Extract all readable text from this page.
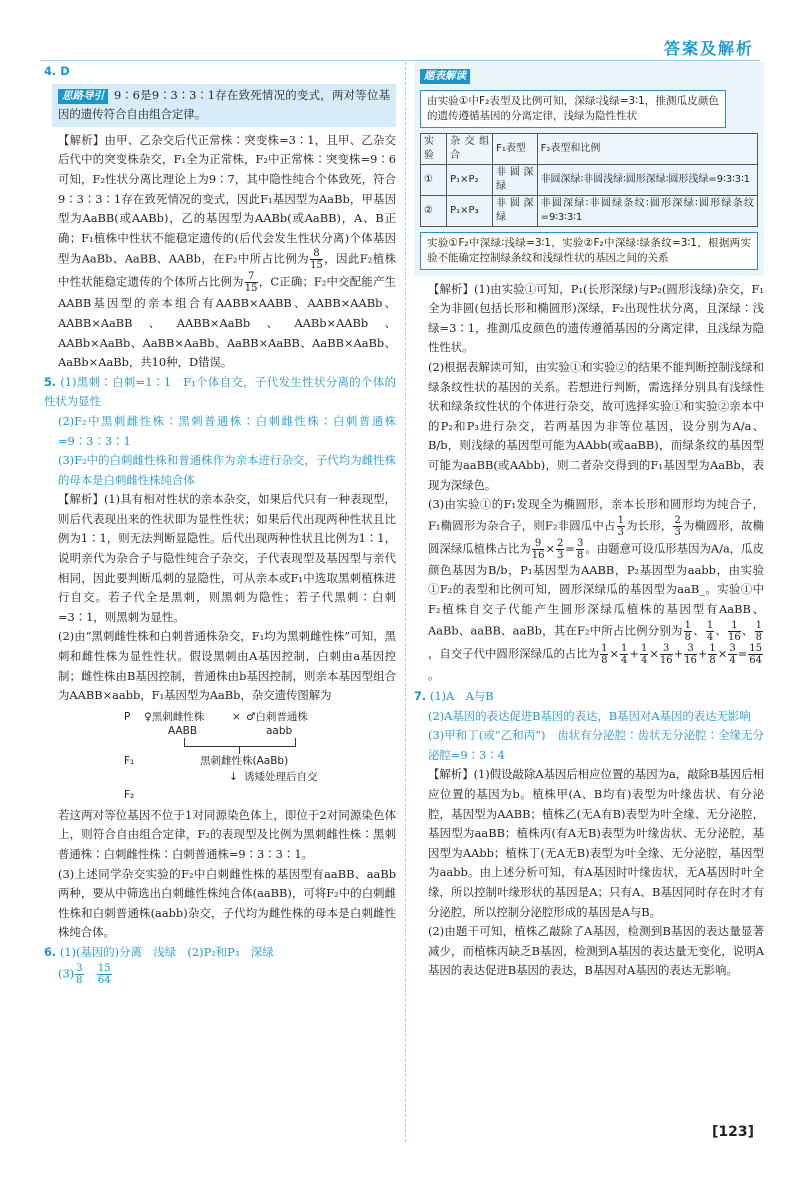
答案及解析

4. D

思路导引 9∶6是9∶3∶3∶1存在致死情况的变式，两对等位基因的遗传符合自由组合定律。

【解析】由甲、乙杂交后代正常株∶突变株=3∶1，且甲、乙杂交后代中的突变株杂交，F₁全为正常株，F₂中正常株∶突变株=9∶6可知，F₂性状分离比理论上为9∶7，其中隐性纯合个体致死，符合9∶3∶3∶1存在致死情况的变式，因此F₁基因型为AaBb，甲基因型为AaBB(或AABb)，乙的基因型为AABb(或AaBB)，A、B正确；F₁植株中性状不能稳定遗传的(后代会发生性状分离)个体基因型为AaBb、AaBB、AABb，在F₂中所占比例为 $\frac{8}{15}$ ，因此F₂植株中性状能稳定遗传的个体所占比例为 $\frac{7}{15}$ ，C正确；F₂中交配能产生AABB基因型的亲本组合有AABB×AABB、AABB×AABb、AABB×AaBB、AABB×AaBb、AABb×AABb、AABb×AaBb、AaBB×AaBb、AaBB×AaBB、AaBB×AaBb、AaBb×AaBb，共10种，D错误。

5. (1)黑刺∶白刺=1∶1　F₁个体自交，子代发生性状分离的个体的性状为显性

(2)F₂中黑刺雌性株∶黑刺普通株∶白刺雌性株∶白刺普通株=9∶3∶3∶1

(3)F₂中的白刺雌性株和普通株作为亲本进行杂交，子代均为雌性株的母本是白刺雌性株纯合体

【解析】(1)具有相对性状的亲本杂交，如果后代只有一种表现型，则后代表现出来的性状即为显性性状；如果后代出现两种性状且比例为1∶1，则无法判断显隐性。后代出现两种性状且比例为1∶1，说明亲代为杂合子与隐性纯合子杂交，子代表现型及基因型与亲代相同，因此要判断瓜刺的显隐性，可从亲本或F₁中选取黑刺植株进行自交。若子代全是黑刺，则黑刺为隐性；若子代黑刺∶白刺=3∶1，则黑刺为显性。

(2)由“黑刺雌性株和白刺普通株杂交，F₁均为黑刺雌性株”可知，黑刺和雌性株为显性性状。假设黑刺由A基因控制，白刺由a基因控制；雌性株由B基因控制，普通株由b基因控制，则亲本基因型组合为AABB×aabb，F₁基因型为AaBb，杂交遗传图解为

P ♀黑刺雌性株	× ♂白刺普通株
AABB	aabb
F₁	黑刺雌性株(AaBb)
↓ 诱矮处理后自交
F₂

若这两对等位基因不位于1对同源染色体上，即位于2对同源染色体上，则符合自由组合定律，F₂的表现型及比例为黑刺雌性株∶黑刺普通株∶白刺雌性株∶白刺普通株=9∶3∶3∶1。

(3)上述同学杂交实验的F₂中白刺雌性株的基因型有aaBB、aaBb两种，要从中筛选出白刺雌性株纯合体(aaBB)，可将F₂中的白刺雌性株和白刺普通株(aabb)杂交，子代均为雌性株的母本是白刺雌性株纯合体。

6. (1)(基因的)分离　浅绿　(2)P₂和P₃　深绿

$(3) \frac{3}{8}$
　 $\frac{15}{64}$

题表解读
由实验①中F₂表型及比例可知，深绿∶浅绿=3∶1，推测瓜皮颜色的遗传遵循基因的分离定律，浅绿为隐性性状
实验	杂交组合	F₁表型	F₂表型和比例
①	P₁×P₂	非圆深绿	非圆深绿∶非圆浅绿∶圆形深绿∶圆形浅绿=9∶3∶3∶1
②	P₁×P₃	非圆深绿	非圆深绿∶非圆绿条纹∶圆形深绿∶圆形绿条纹=9∶3∶3∶1
实验①F₂中深绿∶浅绿=3∶1，实验②F₂中深绿∶绿条纹=3∶1，根据两实验不能确定控制绿条纹和浅绿性状的基因之间的关系

【解析】(1)由实验①可知，P₁(长形深绿)与P₂(圆形浅绿)杂交，F₁全为非圆(包括长形和椭圆形)深绿，F₂出现性状分离，且深绿∶浅绿=3∶1，推测瓜皮颜色的遗传遵循基因的分离定律，且浅绿为隐性性状。

(2)根据表解读可知，由实验①和实验②的结果不能判断控制浅绿和绿条纹性状的基因的关系。若想进行判断，需选择分别具有浅绿性状和绿条纹性状的个体进行杂交，故可选择实验①和实验②亲本中的P₂和P₃进行杂交，若两基因为非等位基因，设分别为A/a、B/b，则浅绿的基因型可能为AAbb(或aaBB)，而绿条纹的基因型可能为aaBB(或AAbb)，则二者杂交得到的F₁基因型为AaBb，表现为深绿色。

(3)由实验①的F₁发现全为椭圆形，亲本长形和圆形均为纯合子，F₁椭圆形为杂合子，则F₂非圆瓜中占 $\frac{1}{3}$ 为长形， $\frac{2}{3}$ 为椭圆形，故椭圆深绿瓜植株占比为 $\frac{9}{16} \times \frac{2}{3} = \frac{3}{8}$ 。由题意可设瓜形基因为A/a，瓜皮颜色基因为B/b，P₁基因型为AABB，P₂基因型为aabb，由实验①F₂的表型和比例可知，圆形深绿瓜的基因型为aaB_。实验①中F₂植株自交子代能产生圆形深绿瓜植株的基因型有AaBB、AaBb、aaBB、aaBb，其在F₂中所占比例分别为 $\frac{1}{8}$ 、 $\frac{1}{4}$ 、 $\frac{1}{16}$ 、 $\frac{1}{8}$
，自交子代中圆形深绿瓜的占比为 $\frac{1}{8} \times \frac{1}{4} + \frac{1}{4} \times \frac{3}{16} + \frac{3}{16} + \frac{1}{8} \times \frac{3}{4} = \frac{15}{64}$
。

7. (1)A　A与B

(2)A基因的表达促进B基因的表达，B基因对A基因的表达无影响

(3)甲和丁(或“乙和丙”)　齿状有分泌腔∶齿状无分泌腔∶全缘无分泌腔=9∶3∶4

【解析】(1)假设敲除A基因后相应位置的基因为a，敲除B基因后相应位置的基因为b。植株甲(A、B均有)表型为叶缘齿状、有分泌腔，基因型为AABB；植株乙(无A有B)表型为叶全缘、无分泌腔，基因型为aaBB；植株丙(有A无B)表型为叶缘齿状、无分泌腔，基因型为AAbb；植株丁(无A无B)表型为叶全缘、无分泌腔，基因型为aabb。由上述分析可知，有A基因时叶缘齿状，无A基因时叶全缘，所以控制叶缘形状的基因是A；只有A、B基因同时存在时才有分泌腔，所以控制分泌腔形成的基因是A与B。

(2)由题干可知，植株乙敲除了A基因，检测到B基因的表达量显著减少，而植株丙缺乏B基因，检测到A基因的表达量无变化，说明A基因的表达促进B基因的表达，B基因对A基因的表达无影响。

[123]
